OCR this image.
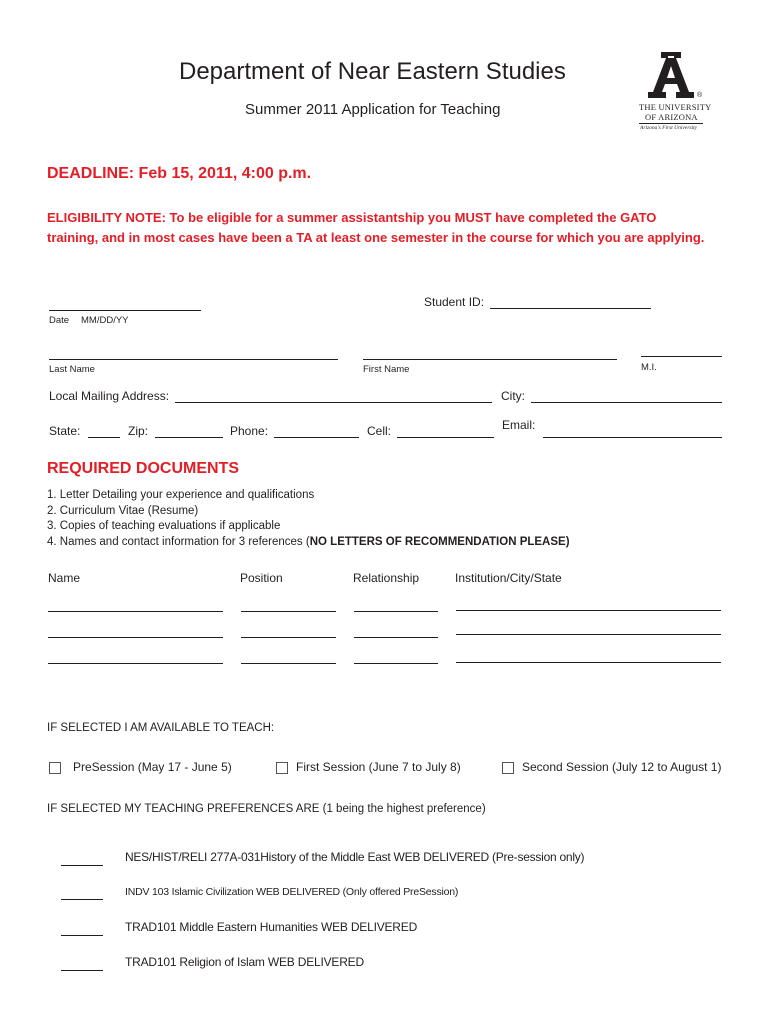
Department of Near Eastern Studies
Summer 2011 Application for Teaching
®
THE UNIVERSITY
OF ARIZONA
Arizona's First University
DEADLINE: Feb 15, 2011, 4:00 p.m.
ELIGIBILITY NOTE: To be eligible for a summer assistantship you MUST have completed the GATO training, and in most cases have been a TA at least one semester in the course for which you are applying.
Student ID:
Date MM/DD/YY
Last Name	First Name	M.I.
Local Mailing Address:	City:
State:	Zip:	Phone:	Cell:	Email:
REQUIRED DOCUMENTS
1. Letter Detailing your experience and qualifications
2. Curriculum Vitae (Resume)
3. Copies of teaching evaluations if applicable
4. Names and contact information for 3 references (NO LETTERS OF RECOMMENDATION PLEASE)
Name	Position	Relationship	Institution/City/State
IF SELECTED I AM AVAILABLE TO TEACH:
PreSession (May 17 - June 5)	First Session (June 7 to July 8)	Second Session (July 12 to August 1)
IF SELECTED MY TEACHING PREFERENCES ARE (1 being the highest preference)
NES/HIST/RELI 277A-031History of the Middle East WEB DELIVERED (Pre-session only)
INDV 103 Islamic Civilization WEB DELIVERED (Only offered PreSession)
TRAD101 Middle Eastern Humanities WEB DELIVERED
TRAD101 Religion of Islam WEB DELIVERED
